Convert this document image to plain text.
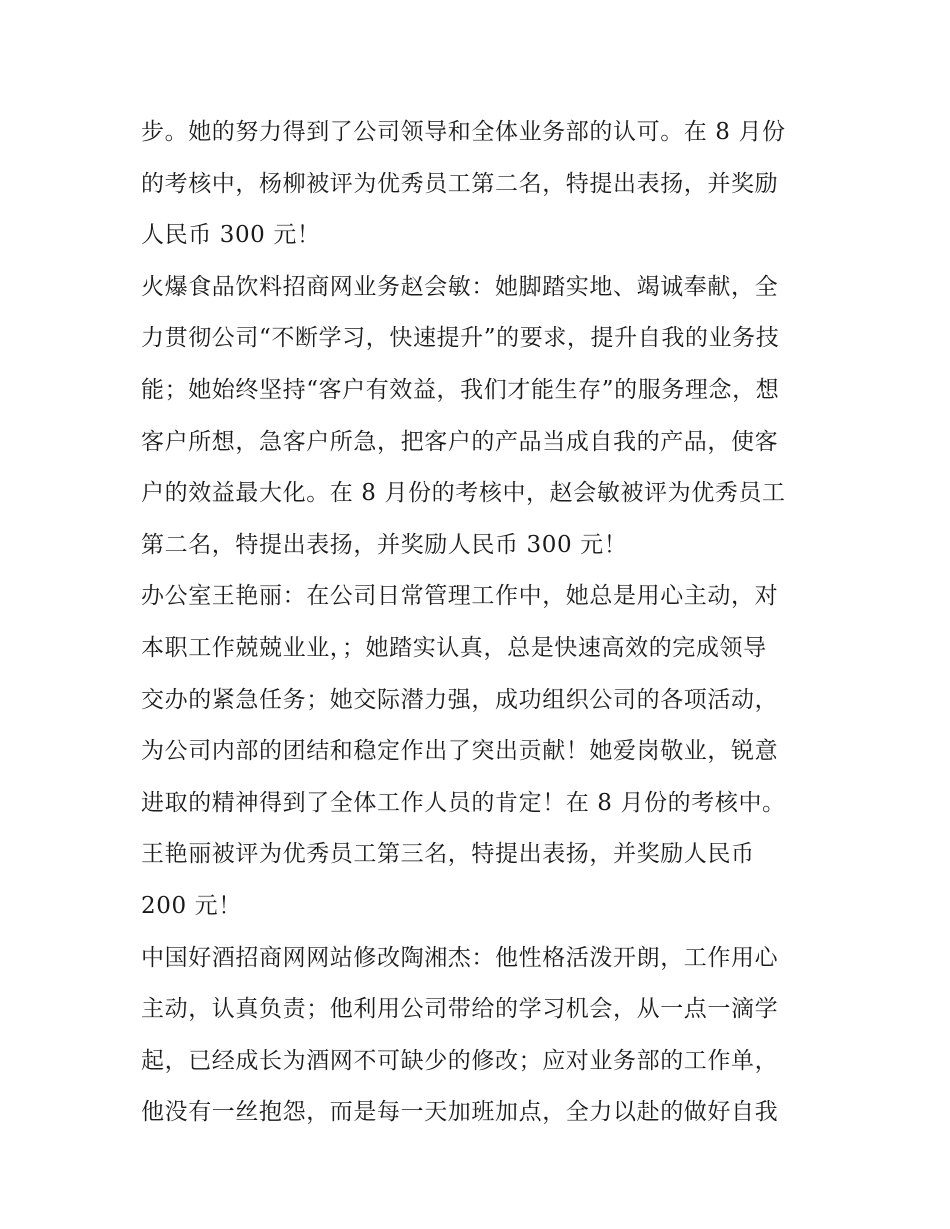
步。她的努力得到了公司领导和全体业务部的认可。在 8 月份
的考核中，杨柳被评为优秀员工第二名，特提出表扬，并奖励
人民币 300 元！
火爆食品饮料招商网业务赵会敏：她脚踏实地、竭诚奉献，全
力贯彻公司“不断学习，快速提升”的要求，提升自我的业务技
能；她始终坚持“客户有效益，我们才能生存”的服务理念，想
客户所想，急客户所急，把客户的产品当成自我的产品，使客
户的效益最大化。在 8 月份的考核中，赵会敏被评为优秀员工
第二名，特提出表扬，并奖励人民币 300 元！
办公室王艳丽：在公司日常管理工作中，她总是用心主动，对
本职工作兢兢业业，；她踏实认真，总是快速高效的完成领导
交办的紧急任务；她交际潜力强，成功组织公司的各项活动，
为公司内部的团结和稳定作出了突出贡献！她爱岗敬业，锐意
进取的精神得到了全体工作人员的肯定！在 8 月份的考核中。
王艳丽被评为优秀员工第三名，特提出表扬，并奖励人民币
200 元！
中国好酒招商网网站修改陶湘杰：他性格活泼开朗，工作用心
主动，认真负责；他利用公司带给的学习机会，从一点一滴学
起，已经成长为酒网不可缺少的修改；应对业务部的工作单，
他没有一丝抱怨，而是每一天加班加点，全力以赴的做好自我
